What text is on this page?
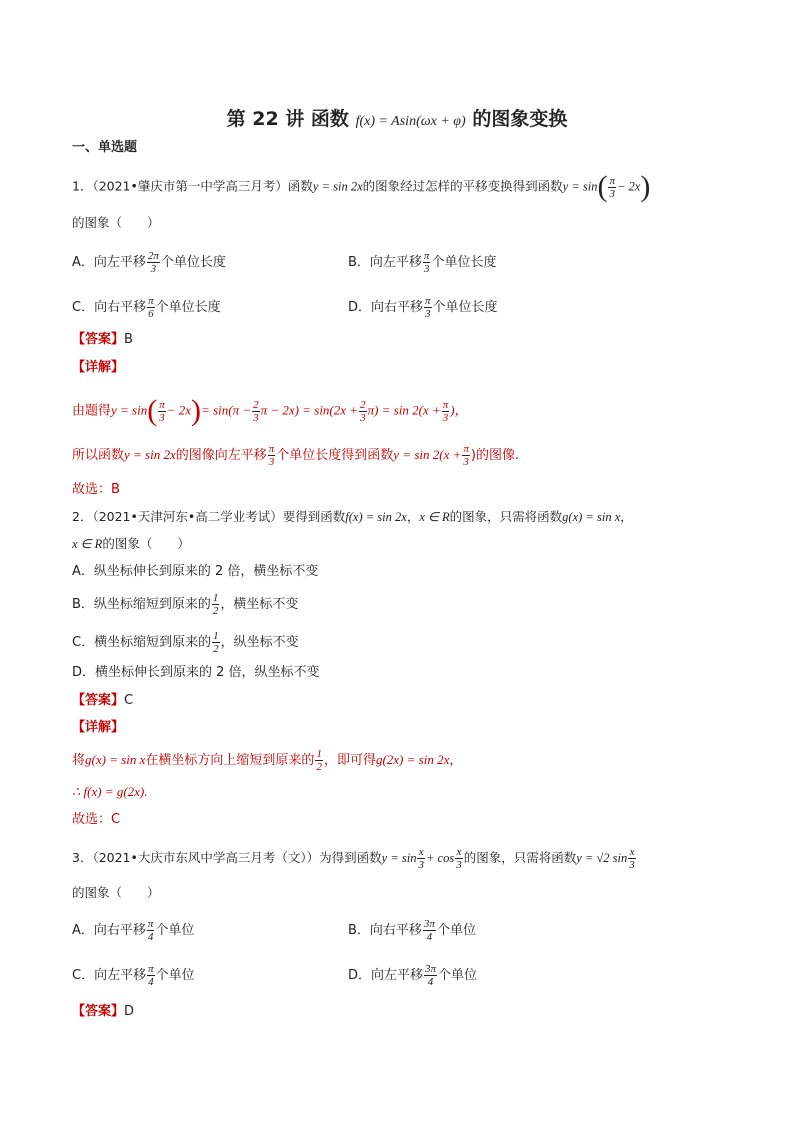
第 22 讲 函数 f(x) = Asin(ωx + φ) 的图象变换
一、单选题
1．（2021•肇庆市第一中学高三月考）函数y = sin 2x的图象经过怎样的平移变换得到函数$y = \sin( \frac{\pi}{3} - 2x)$
的图象（　　）
A．向左平移 $\frac{2\pi}{3}$ 个单位长度	B．向左平移 $\frac{\pi}{3}$ 个单位长度
C．向右平移 $\frac{\pi}{6}$ 个单位长度	D．向右平移 $\frac{\pi}{3}$ 个单位长度
【答案】B
【详解】
由题得$y = \sin( \frac{\pi}{3} - 2x)= \sin(\pi - \frac{2}{3}$ $\pi - 2x) = \sin(2x + \frac{2}{3} \pi) = \sin 2(x + \frac{\pi}{3}$ )，
所以函数y = sin 2x的图像向左平移 $\frac{\pi}{3}$ 个单位长度得到函数$y = \sin 2(x + \frac{\pi}{3}$ )的图像.
故选：B
2．（2021•天津河东•高二学业考试）要得到函数f(x) = sin 2x，x ∈ R的图象，只需将函数g(x) = sin x，
x ∈ R的图象（　　）
A．纵坐标伸长到原来的 2 倍，横坐标不变
B．纵坐标缩短到原来的 $\frac{1}{2}$ ，横坐标不变
C．横坐标缩短到原来的 $\frac{1}{2}$ ，纵坐标不变
D．横坐标伸长到原来的 2 倍，纵坐标不变
【答案】C
【详解】
将g(x) = sin x在横坐标方向上缩短到原来的 $\frac{1}{2}$ ，即可得g(2x) = sin 2x，
∴ f(x) = g(2x).
故选：C
3．（2021•大庆市东风中学高三月考（文））为得到函数$y = \sin \frac{x}{3} + \cos \frac{x}{3}$ 的图象，只需将函数y = √2 $\sin \frac{x}{3}$
的图象（　　）
A．向右平移 $\frac{\pi}{4}$ 个单位	B．向右平移 $\frac{3\pi}{4}$ 个单位
C．向左平移 $\frac{\pi}{4}$ 个单位	D．向左平移 $\frac{3\pi}{4}$ 个单位
【答案】D
